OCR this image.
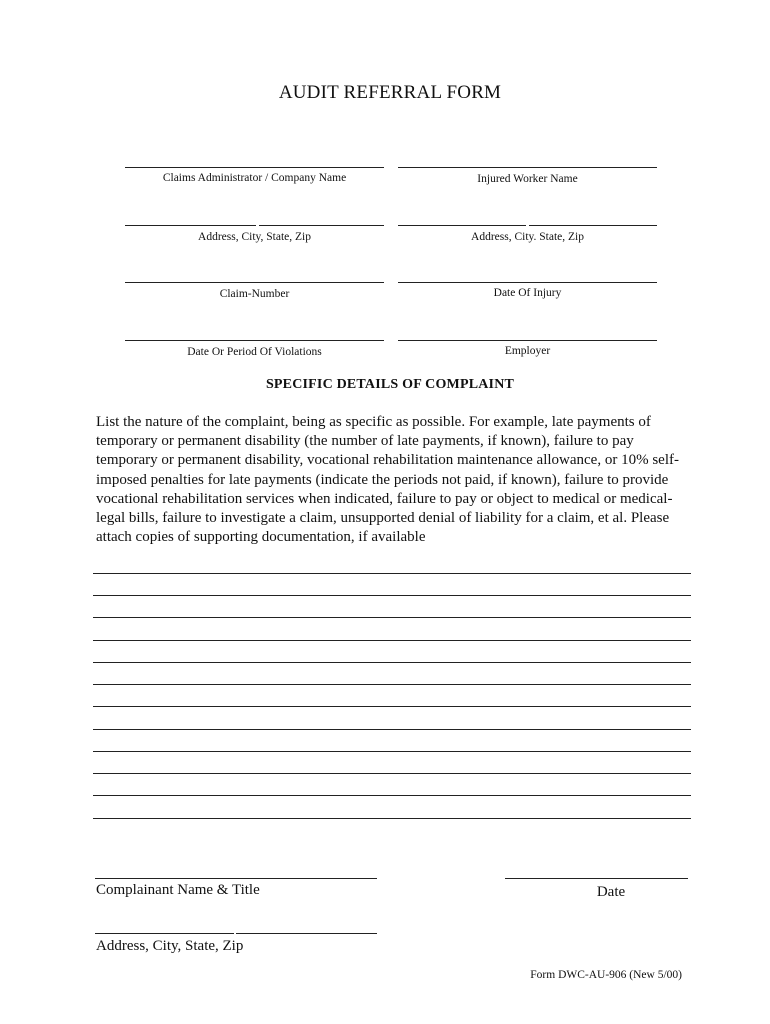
AUDIT REFERRAL FORM
Claims Administrator / Company Name	Injured Worker Name
Address, City, State, Zip	Address, City. State, Zip
Claim-Number	Date Of Injury
Date Or Period Of Violations	Employer
SPECIFIC DETAILS OF COMPLAINT
List the nature of the complaint, being as specific as possible. For example, late payments of temporary or permanent disability (the number of late payments, if known), failure to pay temporary or permanent disability, vocational rehabilitation maintenance allowance, or 10% self-imposed penalties for late payments (indicate the periods not paid, if known), failure to provide vocational rehabilitation services when indicated, failure to pay or object to medical or medical-legal bills, failure to investigate a claim, unsupported denial of liability for a claim, et al. Please attach copies of supporting documentation, if available
Complainant Name & Title	Date
Address, City, State, Zip
Form DWC-AU-906 (New 5/00)
